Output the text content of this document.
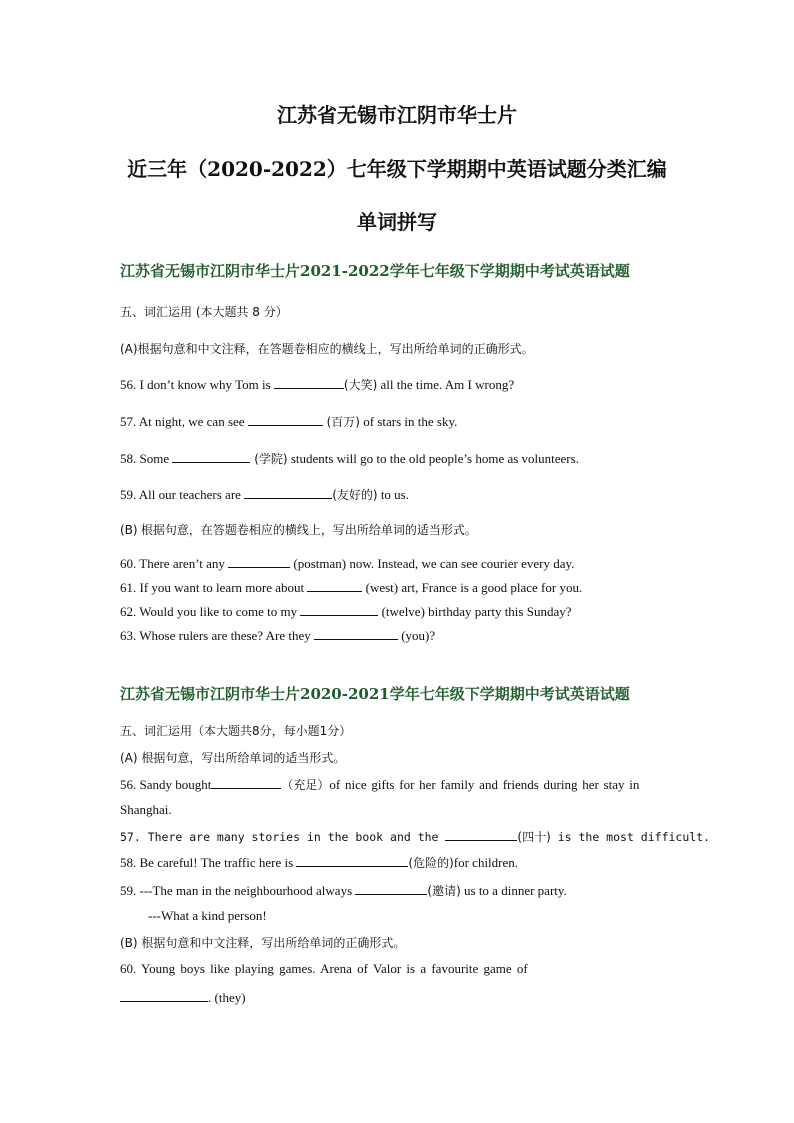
江苏省无锡市江阴市华士片
近三年（2020-2022）七年级下学期期中英语试题分类汇编
单词拼写
江苏省无锡市江阴市华士片2021-2022学年七年级下学期期中考试英语试题
五、词汇运用 (本大题共 8 分）
(A)根据句意和中文注释，在答题卷相应的横线上，写出所给单词的正确形式。
56. I don’t know why Tom is	(大笑) all the time. Am I wrong?
57. At night, we can see	(百万) of stars in the sky.
58. Some	(学院) students will go to the old people’s home as volunteers.
59. All our teachers are	(友好的) to us.
(B) 根据句意，在答题卷相应的横线上，写出所给单词的适当形式。
60. There aren’t any	(postman) now. Instead, we can see courier every day.
61. If you want to learn more about	(west) art, France is a good place for you.
62. Would you like to come to my	(twelve) birthday party this Sunday?
63. Whose rulers are these? Are they	(you)?
江苏省无锡市江阴市华士片2020-2021学年七年级下学期期中考试英语试题
五、词汇运用（本大题共8分，每小题1分）
(A) 根据句意，写出所给单词的适当形式。
56. Sandy bought	（充足）of nice gifts for her family and friends during her stay in
Shanghai.
57. There are many stories in the book and the	(四十) is the most difficult.
58. Be careful! The traffic here is	(危险的)for children.
59. ---The man in the neighbourhood always	(邀请) us to a dinner party.
---What a kind person!
(B) 根据句意和中文注释，写出所给单词的正确形式。
60. Young boys like playing games. Arena of Valor is a favourite game of
. (they)
